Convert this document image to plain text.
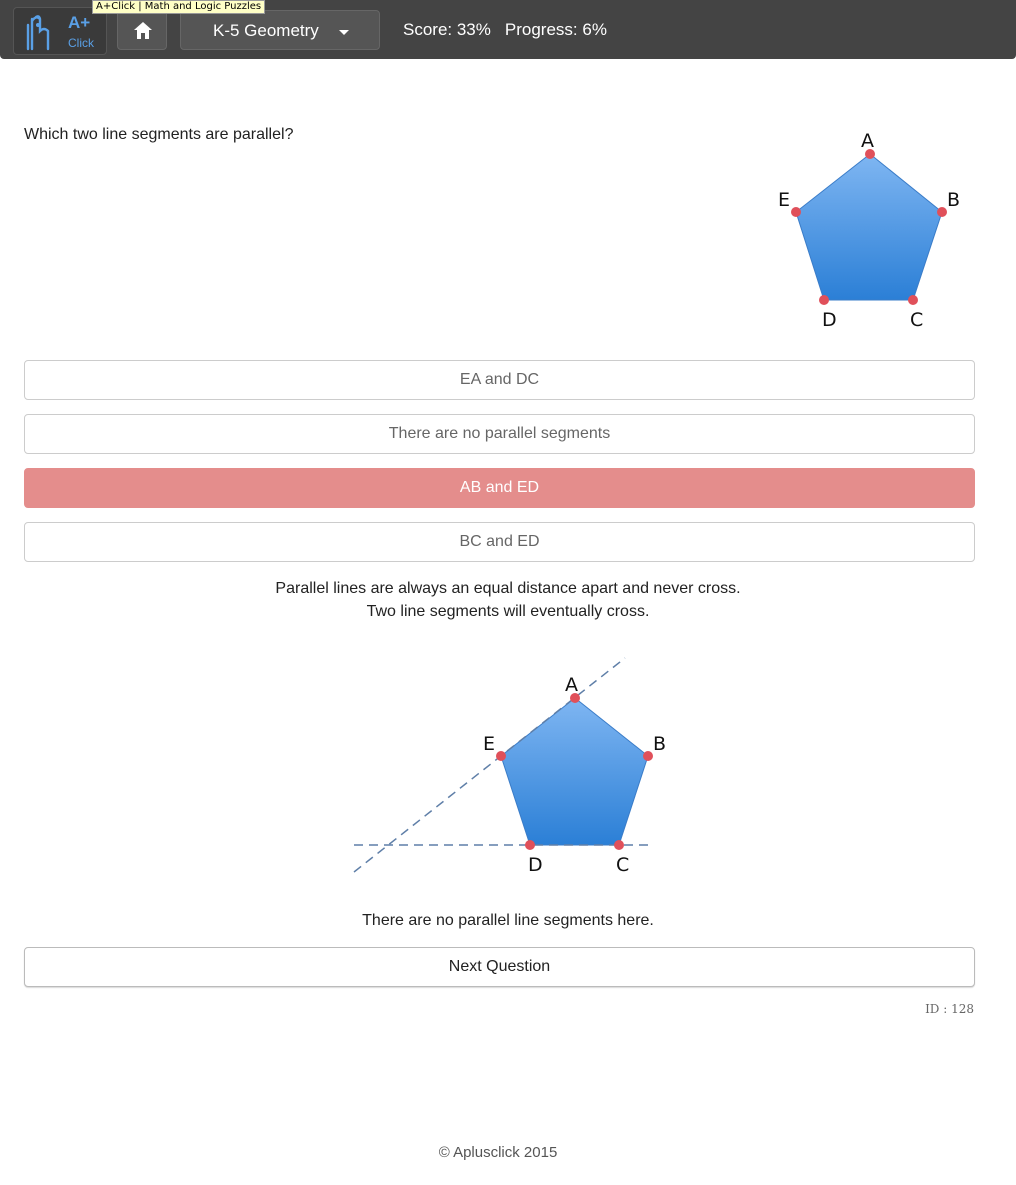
A+
Click
K-5 Geometry	Score: 33% Progress: 6%
A+Click | Math and Logic Puzzles
Which two line segments are parallel?	A
B
C
D
E
EA and DC
There are no parallel segments
AB and ED
BC and ED
Parallel lines are always an equal distance apart and never cross.
Two line segments will eventually cross.
A
B
C
D
E
There are no parallel line segments here.
Next Question
ID : 128
© Aplusclick 2015
